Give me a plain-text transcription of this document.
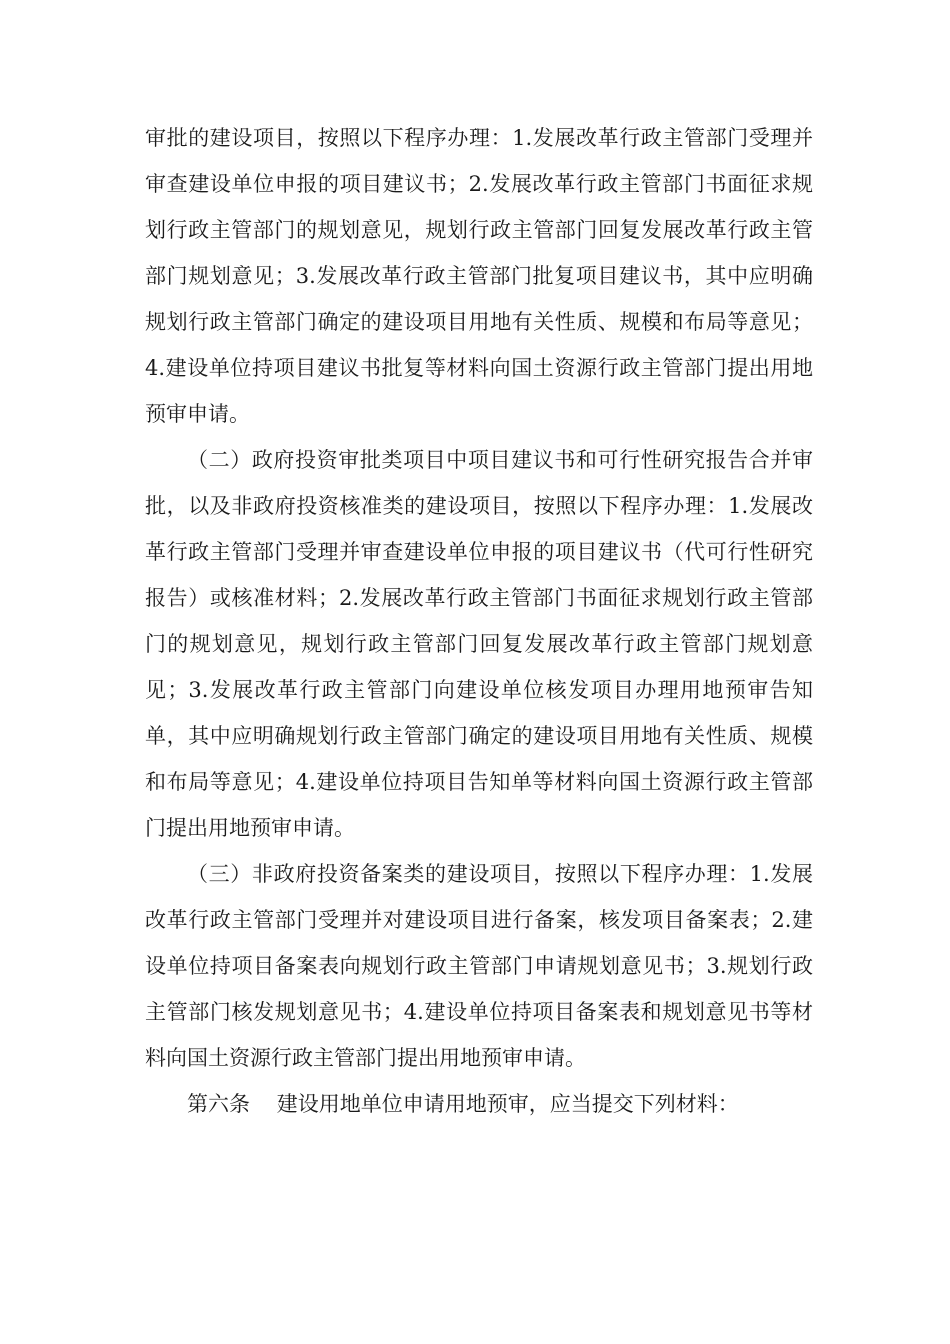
审批的建设项目，按照以下程序办理：1.发展改革行政主管部门受理并审查建设单位申报的项目建议书；2.发展改革行政主管部门书面征求规划行政主管部门的规划意见，规划行政主管部门回复发展改革行政主管部门规划意见；3.发展改革行政主管部门批复项目建议书，其中应明确规划行政主管部门确定的建设项目用地有关性质、规模和布局等意见；4.建设单位持项目建议书批复等材料向国土资源行政主管部门提出用地预审申请。

（二）政府投资审批类项目中项目建议书和可行性研究报告合并审批，以及非政府投资核准类的建设项目，按照以下程序办理：1.发展改革行政主管部门受理并审查建设单位申报的项目建议书（代可行性研究报告）或核准材料；2.发展改革行政主管部门书面征求规划行政主管部门的规划意见，规划行政主管部门回复发展改革行政主管部门规划意见；3.发展改革行政主管部门向建设单位核发项目办理用地预审告知单，其中应明确规划行政主管部门确定的建设项目用地有关性质、规模和布局等意见；4.建设单位持项目告知单等材料向国土资源行政主管部门提出用地预审申请。

（三）非政府投资备案类的建设项目，按照以下程序办理：1.发展改革行政主管部门受理并对建设项目进行备案，核发项目备案表；2.建设单位持项目备案表向规划行政主管部门申请规划意见书；3.规划行政主管部门核发规划意见书；4.建设单位持项目备案表和规划意见书等材料向国土资源行政主管部门提出用地预审申请。

第六条 建设用地单位申请用地预审，应当提交下列材料：
